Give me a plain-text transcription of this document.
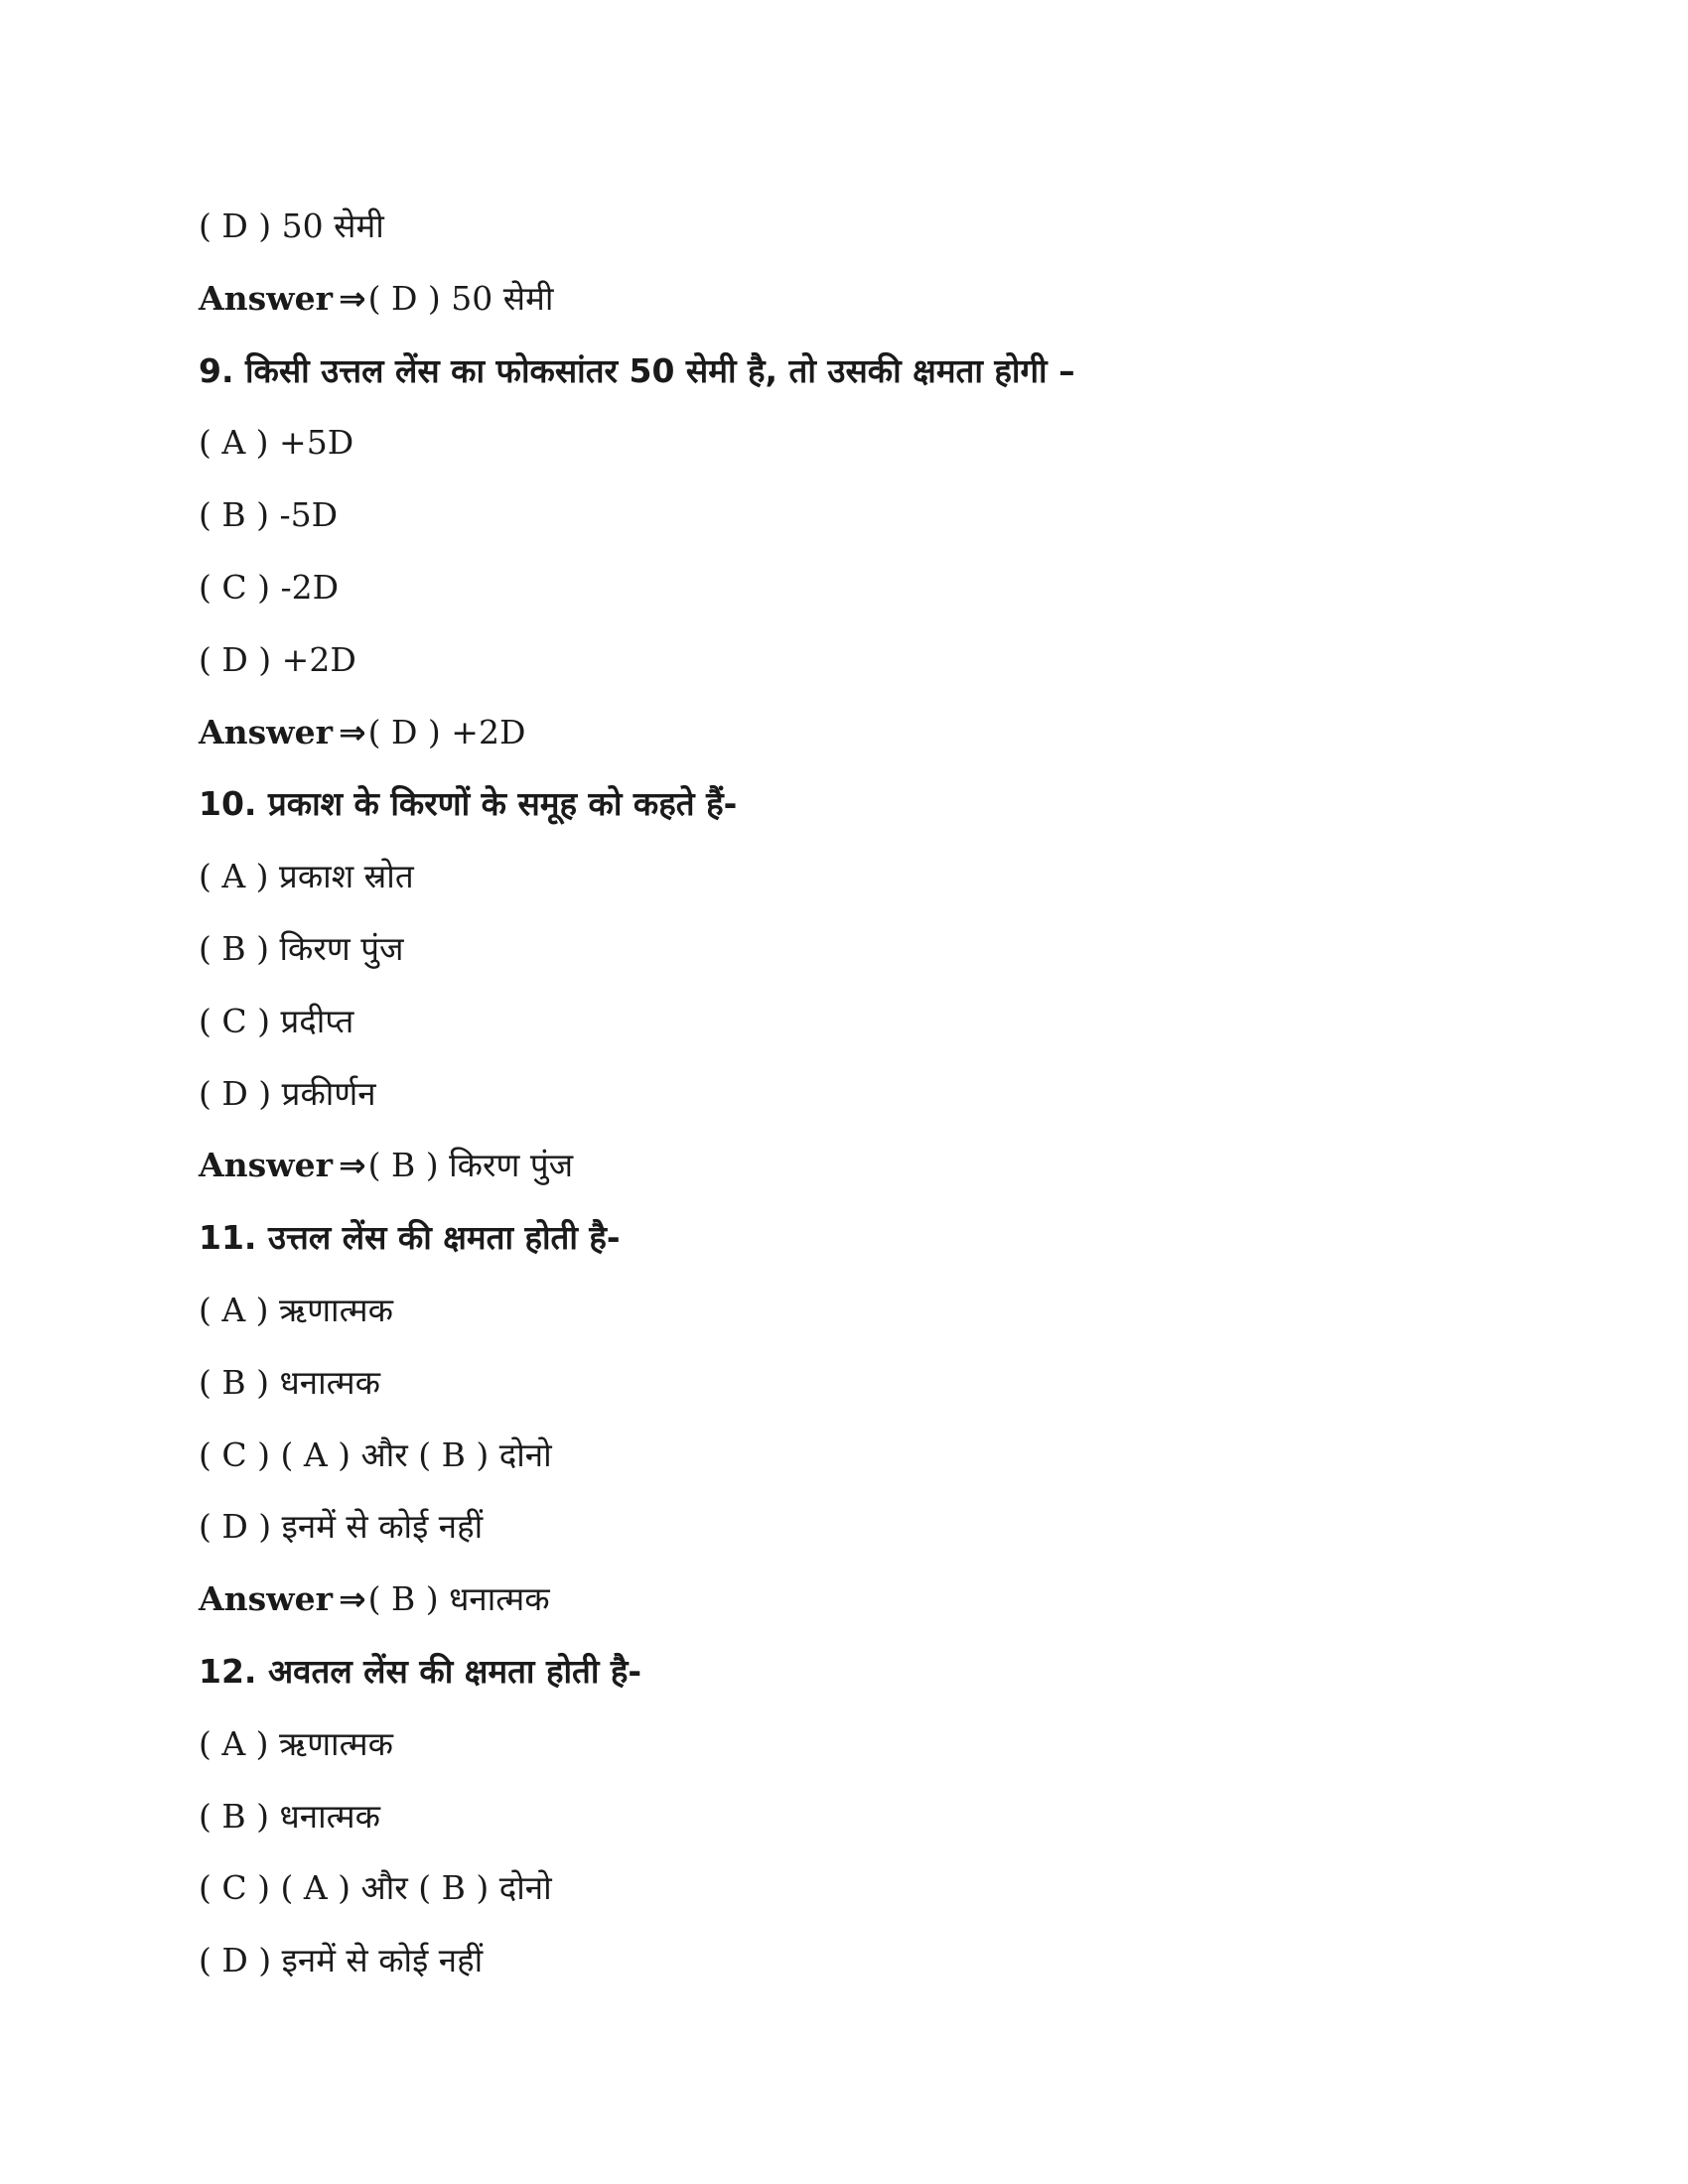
( D ) 50 सेमी
Answer ⇒( D ) 50 सेमी
9. किसी उत्तल लेंस का फोकसांतर 50 सेमी है, तो उसकी क्षमता होगी –
( A ) +5D
( B ) -5D
( C ) -2D
( D ) +2D
Answer ⇒( D ) +2D
10. प्रकाश के किरणों के समूह को कहते हैं-
( A ) प्रकाश स्रोत
( B ) किरण पुंज
( C ) प्रदीप्त
( D ) प्रकीर्णन
Answer ⇒( B ) किरण पुंज
11. उत्तल लेंस की क्षमता होती है-
( A ) ऋणात्मक
( B ) धनात्मक
( C ) ( A ) और ( B ) दोनो
( D ) इनमें से कोई नहीं
Answer ⇒( B ) धनात्मक
12. अवतल लेंस की क्षमता होती है-
( A ) ऋणात्मक
( B ) धनात्मक
( C ) ( A ) और ( B ) दोनो
( D ) इनमें से कोई नहीं
